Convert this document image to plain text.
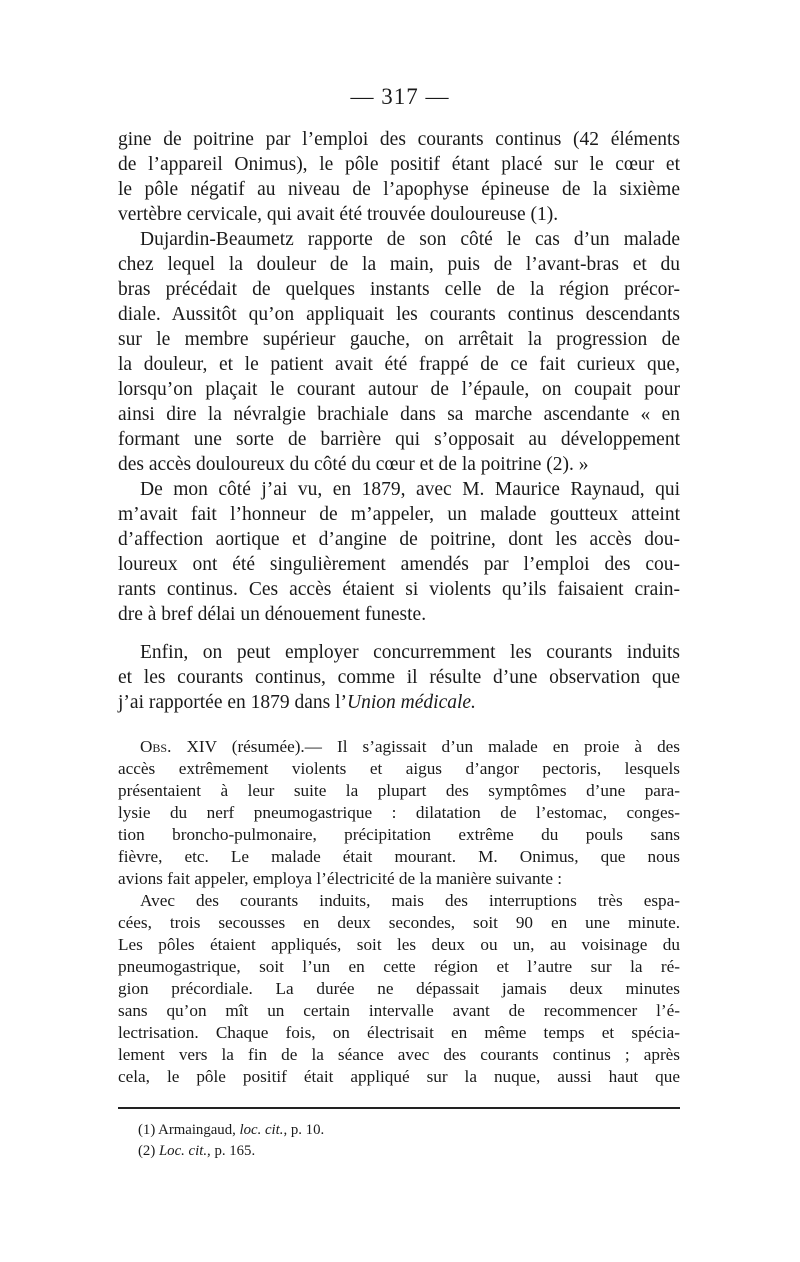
— 317 —
gine de poitrine par l’emploi des courants continus (42 éléments
de l’appareil Onimus), le pôle positif étant placé sur le cœur et
le pôle négatif au niveau de l’apophyse épineuse de la sixième
vertèbre cervicale, qui avait été trouvée douloureuse (1).
Dujardin-Beaumetz rapporte de son côté le cas d’un malade
chez lequel la douleur de la main, puis de l’avant-bras et du
bras précédait de quelques instants celle de la région précor-
diale. Aussitôt qu’on appliquait les courants continus descendants
sur le membre supérieur gauche, on arrêtait la progression de
la douleur, et le patient avait été frappé de ce fait curieux que,
lorsqu’on plaçait le courant autour de l’épaule, on coupait pour
ainsi dire la névralgie brachiale dans sa marche ascendante « en
formant une sorte de barrière qui s’opposait au développement
des accès douloureux du côté du cœur et de la poitrine (2). »
De mon côté j’ai vu, en 1879, avec M. Maurice Raynaud, qui
m’avait fait l’honneur de m’appeler, un malade goutteux atteint
d’affection aortique et d’angine de poitrine, dont les accès dou-
loureux ont été singulièrement amendés par l’emploi des cou-
rants continus. Ces accès étaient si violents qu’ils faisaient crain-
dre à bref délai un dénouement funeste.
Enfin, on peut employer concurremment les courants induits
et les courants continus, comme il résulte d’une observation que
j’ai rapportée en 1879 dans l’Union médicale.
Obs. XIV (résumée).— Il s’agissait d’un malade en proie à des
accès extrêmement violents et aigus d’angor pectoris, lesquels
présentaient à leur suite la plupart des symptômes d’une para-
lysie du nerf pneumogastrique : dilatation de l’estomac, conges-
tion broncho-pulmonaire, précipitation extrême du pouls sans
fièvre, etc. Le malade était mourant. M. Onimus, que nous
avions fait appeler, employa l’électricité de la manière suivante :
Avec des courants induits, mais des interruptions très espa-
cées, trois secousses en deux secondes, soit 90 en une minute.
Les pôles étaient appliqués, soit les deux ou un, au voisinage du
pneumogastrique, soit l’un en cette région et l’autre sur la ré-
gion précordiale. La durée ne dépassait jamais deux minutes
sans qu’on mît un certain intervalle avant de recommencer l’é-
lectrisation. Chaque fois, on électrisait en même temps et spécia-
lement vers la fin de la séance avec des courants continus ; après
cela, le pôle positif était appliqué sur la nuque, aussi haut que
(1) Armaingaud, loc. cit., p. 10.
(2) Loc. cit., p. 165.
